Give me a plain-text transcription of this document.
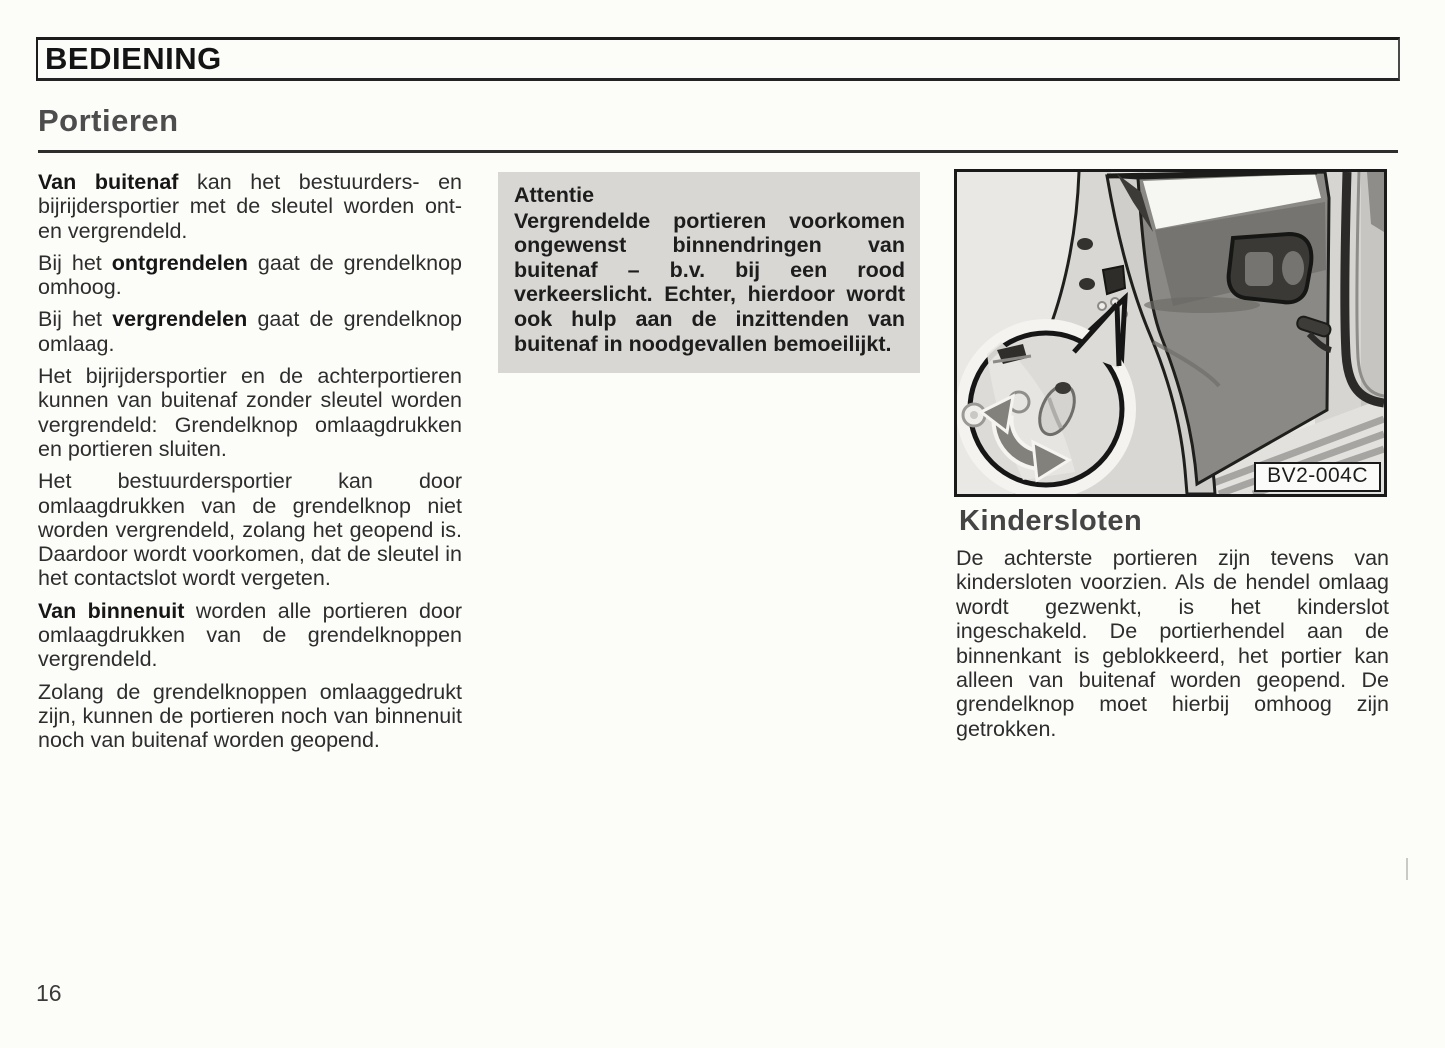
BEDIENING
Portieren

Van buitenaf kan het bestuurders- en bijrijdersportier met de sleutel worden ont- en vergrendeld.

Bij het ontgrendelen gaat de grendelknop omhoog.

Bij het vergrendelen gaat de grendelknop omlaag.

Het bijrijdersportier en de achterportieren kunnen van buitenaf zonder sleutel worden vergrendeld: Grendelknop omlaagdrukken en portieren sluiten.

Het bestuurdersportier kan door omlaagdrukken van de grendelknop niet worden vergrendeld, zolang het geopend is. Daardoor wordt voorkomen, dat de sleutel in het contactslot wordt vergeten.

Van binnenuit worden alle portieren door omlaagdrukken van de grendelknoppen vergrendeld.

Zolang de grendelknoppen omlaaggedrukt zijn, kunnen de portieren noch van binnenuit noch van buitenaf worden geopend.

Attentie

Vergrendelde portieren voorkomen ongewenst binnendringen van buitenaf – b.v. bij een rood verkeerslicht. Echter, hierdoor wordt ook hulp aan de inzittenden van buitenaf in noodgevallen bemoeilijkt.
BV2-004C
Kindersloten
De achterste portieren zijn tevens van kindersloten voorzien. Als de hendel omlaag wordt gezwenkt, is het kinderslot ingeschakeld. De portierhendel aan de binnenkant is geblokkeerd, het portier kan alleen van buitenaf worden geopend. De grendelknop moet hierbij omhoog zijn getrokken.
16
